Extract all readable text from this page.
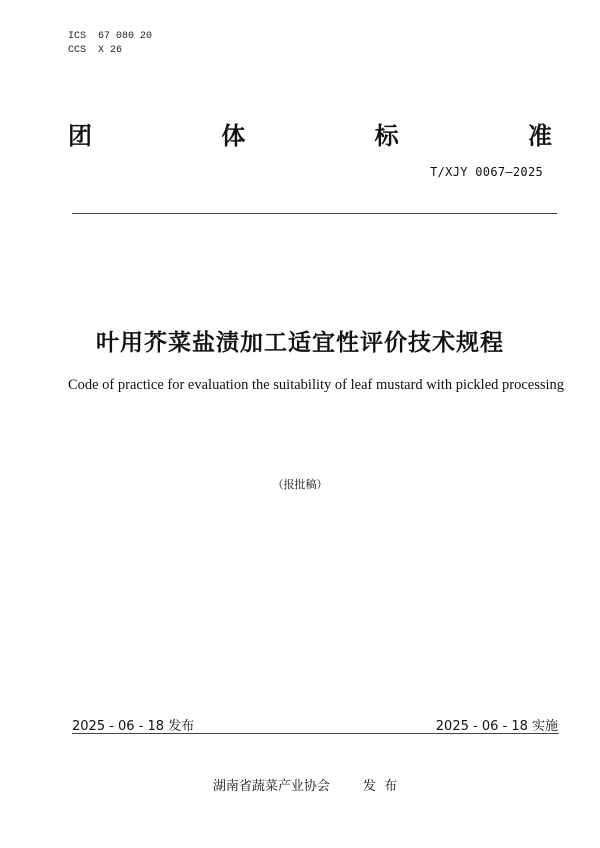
ICS  67 080 20
CCS  X 26
团	体	标	准
T/XJY 0067—2025
叶用芥菜盐渍加工适宜性评价技术规程
Code of practice for evaluation the suitability of leaf mustard with pickled processing
（报批稿）
2025 - 06 - 18 发布	2025 - 06 - 18 实施
湖南省蔬菜产业协会	发  布
